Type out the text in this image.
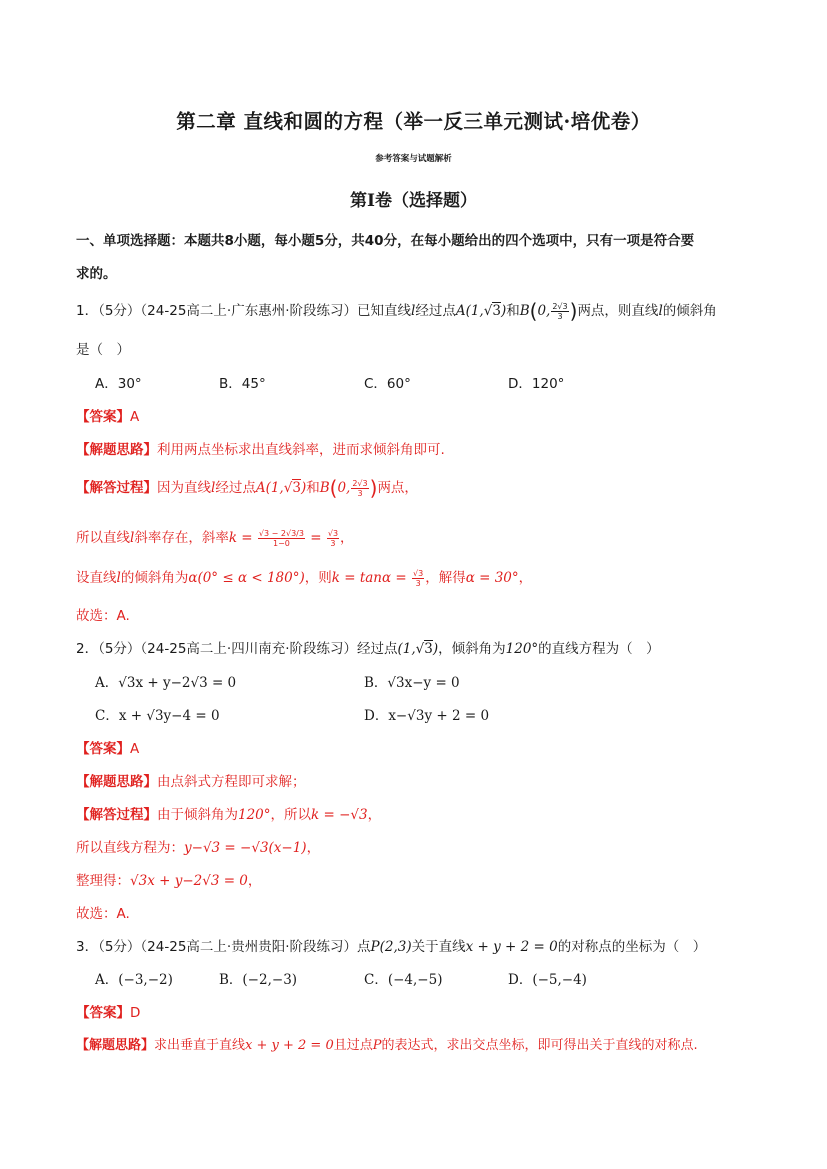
第二章 直线和圆的方程（举一反三单元测试·培优卷）
参考答案与试题解析
第Ⅰ卷（选择题）
一、单项选择题：本题共8小题，每小题5分，共40分，在每小题给出的四个选项中，只有一项是符合要
求的。
1．（5分）（24-25高二上·广东惠州·阶段练习）已知直线l经过点A(1,√3)和B(0, $\frac{2√3}{3}$ )两点，则直线l的倾斜角
是（　）
A．30°	B．45°	C．60°	D．120°
【答案】A
【解题思路】利用两点坐标求出直线斜率，进而求倾斜角即可.
【解答过程】因为直线l经过点A(1,√3)和B(0, $\frac{2√3}{3}$ )两点，
所以直线l斜率存在，斜率$k = \frac{√3 - 2√3/3}{1-0} = \frac{√3}{3}$ ，
设直线l的倾斜角为α(0° ≤ α < 180°)，则$k = \tan\alpha = \frac{√3}{3}$ ，解得α = 30°，
故选：A.
2．（5分）（24-25高二上·四川南充·阶段练习）经过点(1,√3)，倾斜角为120°的直线方程为（　）
A．√3x + y−2√3 = 0	B．√3x−y = 0
C．x + √3y−4 = 0	D．x−√3y + 2 = 0
【答案】A
【解题思路】由点斜式方程即可求解；
【解答过程】由于倾斜角为120°，所以k = −√3，
所以直线方程为：y−√3 = −√3(x−1)，
整理得：√3x + y−2√3 = 0，
故选：A.
3．（5分）（24-25高二上·贵州贵阳·阶段练习）点P(2,3)关于直线x + y + 2 = 0的对称点的坐标为（　）
A．(−3,−2)	B．(−2,−3)	C．(−4,−5)	D．(−5,−4)
【答案】D
【解题思路】求出垂直于直线x + y + 2 = 0且过点P的表达式，求出交点坐标，即可得出关于直线的对称点.
